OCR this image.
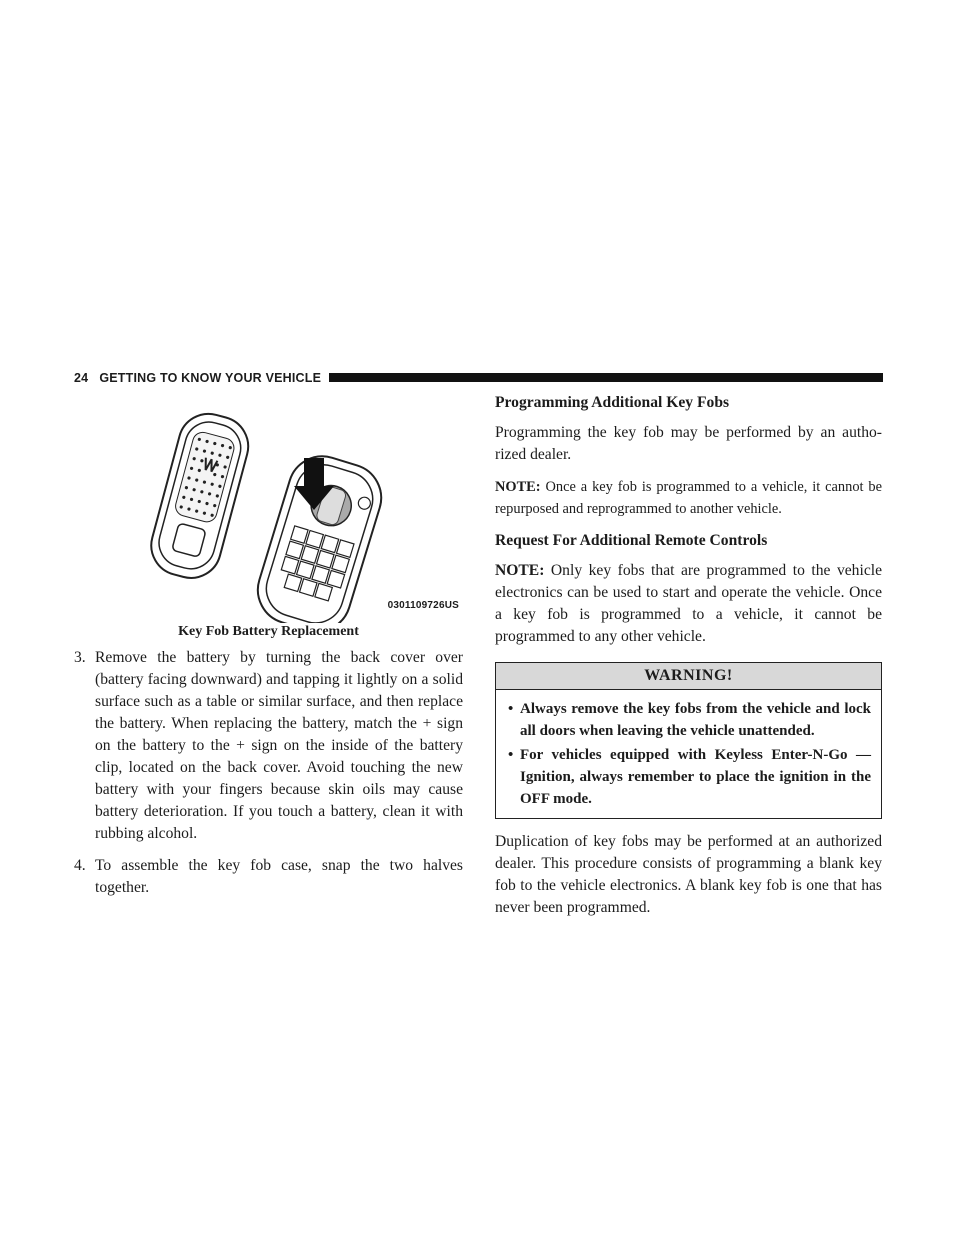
24 GETTING TO KNOW YOUR VEHICLE
0301109726US
Key Fob Battery Replacement
3. Remove the battery by turning the back cover over (battery facing downward) and tapping it lightly on a solid surface such as a table or similar surface, and then replace the battery. When replacing the battery, match the + sign on the battery to the + sign on the inside of the battery clip, located on the back cover. Avoid touching the new battery with your fingers because skin oils may cause battery deterioration. If you touch a battery, clean it with rubbing alcohol.
4. To assemble the key fob case, snap the two halves together.
Programming Additional Key Fobs

Programming the key fob may be performed by an autho-rized dealer.

NOTE: Once a key fob is programmed to a vehicle, it cannot be repurposed and reprogrammed to another vehicle.

Request For Additional Remote Controls

NOTE: Only key fobs that are programmed to the vehicle electronics can be used to start and operate the vehicle. Once a key fob is programmed to a vehicle, it cannot be programmed to any other vehicle.

WARNING!
• Always remove the key fobs from the vehicle and lock all doors when leaving the vehicle unattended.
• For vehicles equipped with Keyless Enter-N-Go — Ignition, always remember to place the ignition in the OFF mode.

Duplication of key fobs may be performed at an authorized dealer. This procedure consists of programming a blank key fob to the vehicle electronics. A blank key fob is one that has never been programmed.
